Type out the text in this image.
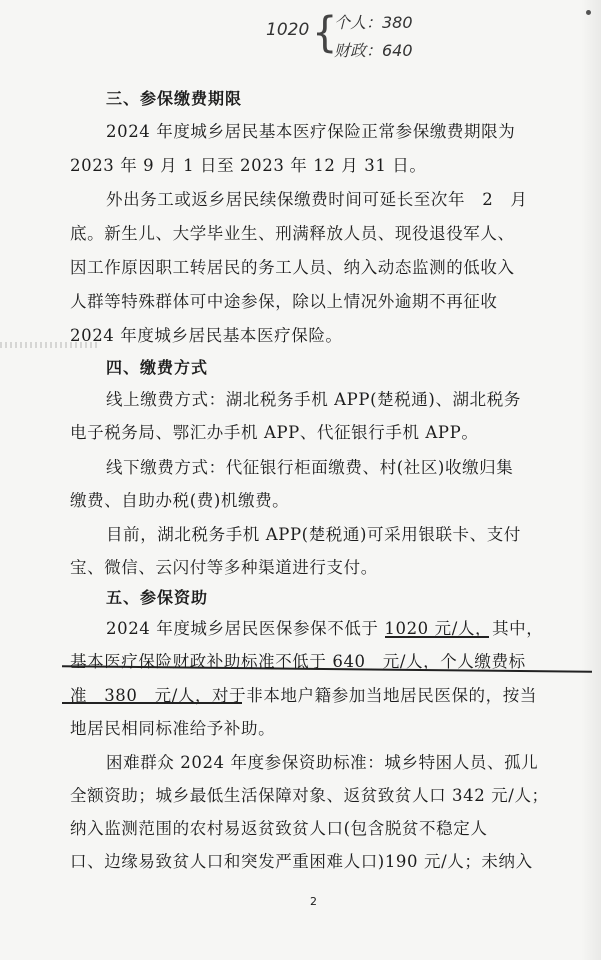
1020 {
个人：380
财政：640
三、参保缴费期限
2024 年度城乡居民基本医疗保险正常参保缴费期限为
2023 年 9 月 1 日至 2023 年 12 月 31 日。
外出务工或返乡居民续保缴费时间可延长至次年　2　月
底。新生儿、大学毕业生、刑满释放人员、现役退役军人、
因工作原因职工转居民的务工人员、纳入动态监测的低收入
人群等特殊群体可中途参保，除以上情况外逾期不再征收
2024 年度城乡居民基本医疗保险。
四、缴费方式
线上缴费方式：湖北税务手机 APP(楚税通)、湖北税务
电子税务局、鄂汇办手机 APP、代征银行手机 APP。
线下缴费方式：代征银行柜面缴费、村(社区)收缴归集
缴费、自助办税(费)机缴费。
目前，湖北税务手机 APP(楚税通)可采用银联卡、支付
宝、微信、云闪付等多种渠道进行支付。
五、参保资助
2024 年度城乡居民医保参保不低于 1020 元/人，其中，
基本医疗保险财政补助标准不低于 640　元/人，个人缴费标
准　380　元/人，对于非本地户籍参加当地居民医保的，按当
地居民相同标准给予补助。
困难群众 2024 年度参保资助标准：城乡特困人员、孤儿
全额资助；城乡最低生活保障对象、返贫致贫人口 342 元/人；
纳入监测范围的农村易返贫致贫人口(包含脱贫不稳定人
口、边缘易致贫人口和突发严重困难人口)190 元/人；未纳入
2
